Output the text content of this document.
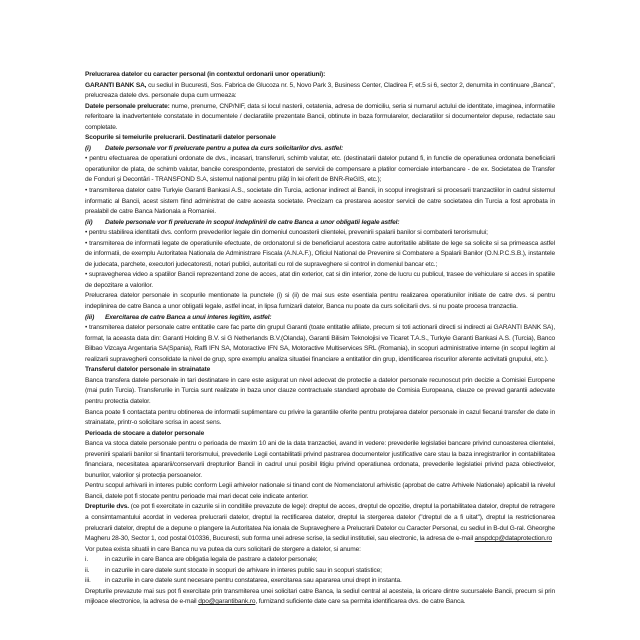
Prelucrarea datelor cu caracter personal (in contextul ordonarii unor operatiuni):

GARANTI BANK SA, cu sediul in Bucuresti, Sos. Fabrica de Glucoza nr. 5, Novo Park 3, Business Center, Cladirea F, et.5 si 6, sector 2, denumita in continuare „Banca", prelucreaza datele dvs. personale dupa cum urmeaza:

Datele personale prelucrate: nume, prenume, CNP/NIF, data si locul nasterii, cetatenia, adresa de domiciliu, seria si numarul actului de identitate, imaginea, informatiile referitoare la inadvertentele constatate in documentele / declaratiile prezentate Bancii, obtinute in baza formularelor, declaratiilor si documentelor depuse, redactate sau completate.

Scopurile si temeiurile prelucrarii. Destinatarii datelor personale

(i) Datele personale vor fi prelucrate pentru a putea da curs solicitarilor dvs. astfel:

• pentru efectuarea de operatiuni ordonate de dvs., incasari, transferuri, schimb valutar, etc. (destinatarii datelor putand fi, in functie de operatiunea ordonata beneficiarii operatiunilor de plata, de schimb valutar, bancile corespondente, prestatori de servicii de compensare a platilor comerciale interbancare - de ex. Societatea de Transfer de Fonduri și Decontări - TRANSFOND S.A, sistemul național pentru plăți în lei oferit de BNR-ReGIS, etc.);

• transmiterea datelor catre Turkyie Garanti Bankasi A.S., societate din Turcia, actionar indirect al Bancii, in scopul inregistrarii si procesarii tranzactiilor in cadrul sistemul informatic al Bancii, acest sistem fiind administrat de catre aceasta societate. Precizam ca prestarea acestor servicii de catre societatea din Turcia a fost aprobata in prealabil de catre Banca Nationala a Romaniei.

(ii) Datele personale vor fi prelucrate in scopul indeplinirii de catre Banca a unor obligatii legale astfel:

• pentru stabilirea identitatii dvs. conform prevederilor legale din domeniul cunoasterii clientelei, prevenirii spalarii banilor si combaterii terorismului;

• transmiterea de informatii legate de operatiunile efectuate, de ordonatorul si de beneficiarul acestora catre autoritatile abilitate de lege sa solicite si sa primeasca astfel de informatii, de exemplu Autoritatea Nationala de Administrare Fiscala (A.N.A.F.), Oficiul National de Prevenire si Combatere a Spalarii Banilor (O.N.P.C.S.B.), instantele de judecata, parchete, executori judecatoresti, notari publici, autoritati cu rol de supraveghere si control in domeniul bancar etc.;

• supravegherea video a spatiilor Bancii reprezentand zone de acces, atat din exterior, cat si din interior, zone de lucru cu publicul, trasee de vehiculare si acces in spatiile de depozitare a valorilor.

Prelucrarea datelor personale in scopurile mentionate la punctele (i) si (ii) de mai sus este esentiala pentru realizarea operatiunilor initiate de catre dvs. si pentru indeplinirea de catre Banca a unor obligatii legale, astfel incat, in lipsa furnizarii datelor, Banca nu poate da curs solicitarii dvs. si nu poate procesa tranzactia.

(iii) Exercitarea de catre Banca a unui interes legitim, astfel:

• transmiterea datelor personale catre entitatile care fac parte din grupul Garanti (toate entitatile afiliate, precum si toti actionarii directi si indirecti ai GARANTI BANK SA), format, la aceasta data din: Garanti Holding B.V. si G Netherlands B.V.(Olanda), Garanti Bilisim Teknolojisi ve Ticaret T.A.S., Turkyie Garanti Bankasi A.S. (Turcia), Banco Bilbao Vizcaya Argentaria SA(Spania), Raffi IFN SA, Motoractive IFN SA, Motoractive Multiservices SRL (Romania), in scopuri administrative interne (in scopul legitim al realizarii supravegherii consolidate la nivel de grup, spre exemplu analiza situatiei financiare a entitatilor din grup, identificarea riscurilor aferente activitatii grupului, etc.).

Transferul datelor personale in strainatate

Banca transfera datele personale in tari destinatare in care este asigurat un nivel adecvat de protectie a datelor personale recunoscut prin decizie a Comisiei Europene (mai putin Turcia). Transferurile in Turcia sunt realizate in baza unor clauze contractuale standard aprobate de Comisia Europeana, clauze ce prevad garantii adecvate pentru protectia datelor.

Banca poate fi contactata pentru obtinerea de informatii suplimentare cu privire la garantiile oferite pentru protejarea datelor personale in cazul fiecarui transfer de date in strainatate, printr-o solicitare scrisa in acest sens.

Perioada de stocare a datelor personale

Banca va stoca datele personale pentru o perioada de maxim 10 ani de la data tranzactiei, avand in vedere: prevederile legislatiei bancare privind cunoasterea clientelei, prevenirii spalarii banilor si finantarii terorismului, prevederile Legii contabilitatii privind pastrarea documentelor justificative care stau la baza inregistrarilor in contabilitatea financiara, necesitatea apararii/conservarii drepturilor Bancii in cadrul unui posibil litigiu privind operatiunea ordonata, prevederile legislatiei privind paza obiectivelor, bunurilor, valorilor și protecția persoanelor.

Pentru scopul arhivarii in interes public conform Legii arhivelor nationale si tinand cont de Nomenclatorul arhivistic (aprobat de catre Arhivele Nationale) aplicabil la nivelul Bancii, datele pot fi stocate pentru perioade mai mari decat cele indicate anterior.

Drepturile dvs. (ce pot fi exercitate in cazurile si in conditiile prevazute de lege): dreptul de acces, dreptul de opozitie, dreptul la portabilitatea datelor, dreptul de retragere a consimtamantului acordat in vederea prelucrarii datelor, dreptul la rectificarea datelor, dreptul la stergerea datelor ("dreptul de a fi uitat"), dreptul la restrictionarea prelucrarii datelor, dreptul de a depune o plangere la Autoritatea Na ionala de Supraveghere a Prelucrarii Datelor cu Caracter Personal, cu sediul in B-dul G-ral. Gheorghe Magheru 28-30, Sector 1, cod postal 010336, Bucuresti, sub forma unei adrese scrise, la sediul institutiei, sau electronic, la adresa de e-mail anspdcp@dataprotection.ro

Vor putea exista situatii in care Banca nu va putea da curs solicitarii de stergere a datelor, si anume:

i.	in cazurile in care Banca are obligatia legala de pastrare a datelor personale;

ii. in cazurile in care datele sunt stocate in scopuri de arhivare in interes public sau in scopuri statistice;

iii. in cazurile in care datele sunt necesare pentru constatarea, exercitarea sau apararea unui drept in instanta.

Drepturile prevazute mai sus pot fi exercitate prin transmiterea unei solicitari catre Banca, la sediul central al acesteia, la oricare dintre sucursalele Bancii, precum si prin mijloace electronice, la adresa de e-mail dpo@garantibank.ro, furnizand suficiente date care sa permita identificarea dvs. de catre Banca.
